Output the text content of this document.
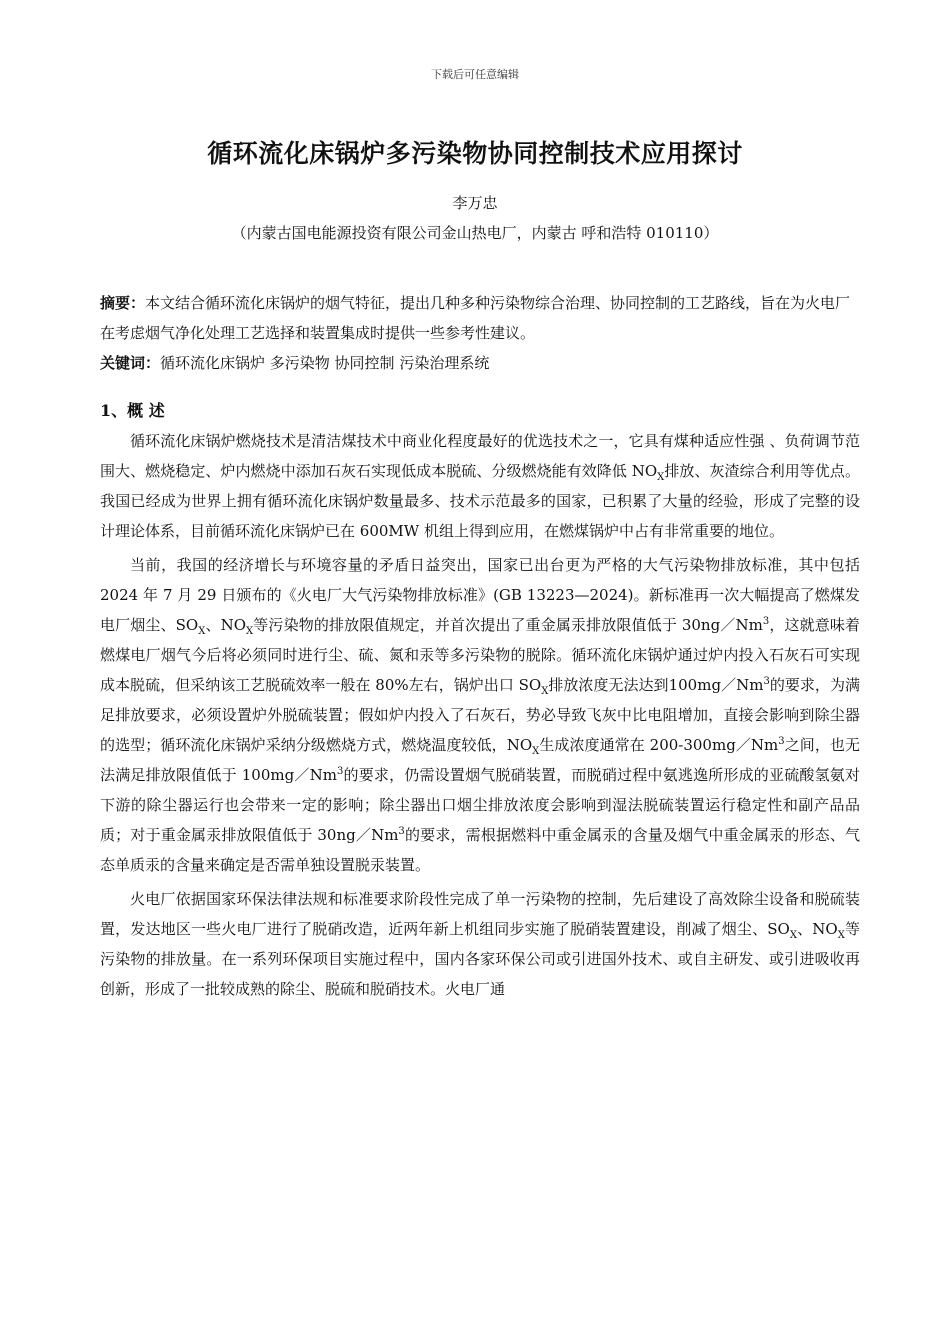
下载后可任意编辑
循环流化床锅炉多污染物协同控制技术应用探讨
李万忠
（内蒙古国电能源投资有限公司金山热电厂，内蒙古 呼和浩特 010110）

摘要：本文结合循环流化床锅炉的烟气特征，提出几种多种污染物综合治理、协同控制的工艺路线，旨在为火电厂在考虑烟气净化处理工艺选择和装置集成时提供一些参考性建议。

关键词：循环流化床锅炉 多污染物 协同控制 污染治理系统

1、概 述

循环流化床锅炉燃烧技术是清洁煤技术中商业化程度最好的优选技术之一，它具有煤种适应性强 、负荷调节范围大、燃烧稳定、炉内燃烧中添加石灰石实现低成本脱硫、分级燃烧能有效降低 $NO_X$排放、灰渣综合利用等优点。我国已经成为世界上拥有循环流化床锅炉数量最多、技术示范最多的国家，已积累了大量的经验，形成了完整的设计理论体系，目前循环流化床锅炉已在 600MW 机组上得到应用，在燃煤锅炉中占有非常重要的地位。

当前，我国的经济增长与环境容量的矛盾日益突出，国家已出台更为严格的大气污染物排放标准，其中包括 2024 年 7 月 29 日颁布的《火电厂大气污染物排放标准》(GB 13223—2024)。新标准再一次大幅提高了燃煤发电厂烟尘、$SO_X$、$NO_X$等污染物的排放限值规定，并首次提出了重金属汞排放限值低于 30ng／Nm$^3$，这就意味着燃煤电厂烟气今后将必须同时进行尘、硫、氮和汞等多污染物的脱除。循环流化床锅炉通过炉内投入石灰石可实现成本脱硫，但采纳该工艺脱硫效率一般在 80%左右，锅炉出口 $SO_X$排放浓度无法达到100mg／Nm$^3$的要求，为满足排放要求，必须设置炉外脱硫装置；假如炉内投入了石灰石，势必导致飞灰中比电阻增加，直接会影响到除尘器的选型；循环流化床锅炉采纳分级燃烧方式，燃烧温度较低，$NO_X$生成浓度通常在 200-300mg／Nm$^3$之间，也无法满足排放限值低于 100mg／Nm$^3$的要求，仍需设置烟气脱硝装置，而脱硝过程中氨逃逸所形成的亚硫酸氢氨对下游的除尘器运行也会带来一定的影响；除尘器出口烟尘排放浓度会影响到湿法脱硫装置运行稳定性和副产品品质；对于重金属汞排放限值低于 30ng／Nm$^3$的要求，需根据燃料中重金属汞的含量及烟气中重金属汞的形态、气态单质汞的含量来确定是否需单独设置脱汞装置。

火电厂依据国家环保法律法规和标准要求阶段性完成了单一污染物的控制，先后建设了高效除尘设备和脱硫装置，发达地区一些火电厂进行了脱硝改造，近两年新上机组同步实施了脱硝装置建设，削减了烟尘、$SO_X$、$NO_X$等污染物的排放量。在一系列环保项目实施过程中，国内各家环保公司或引进国外技术、或自主研发、或引进吸收再创新，形成了一批较成熟的除尘、脱硫和脱硝技术。火电厂通
